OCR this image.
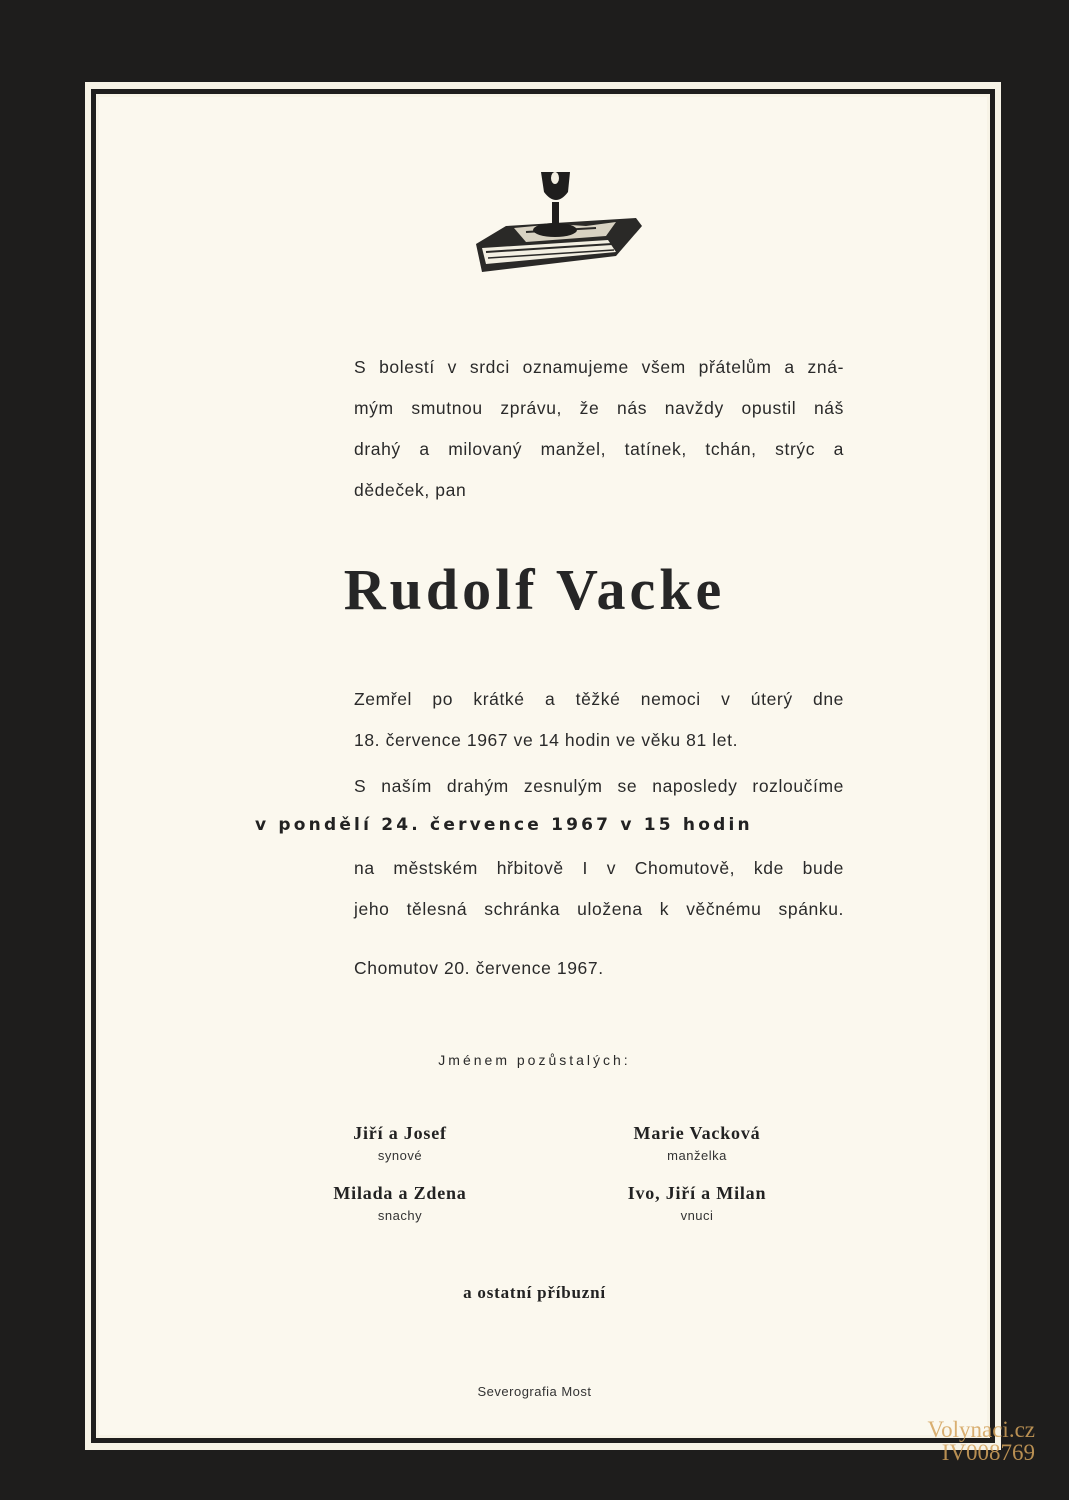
S bolestí v srdci oznamujeme všem přátelům a zná-
mým smutnou zprávu, že nás navždy opustil náš
drahý a milovaný manžel, tatínek, tchán, strýc a
dědeček, pan
Rudolf Vacke
Zemřel po krátké a těžké nemoci v úterý dne
18. července 1967 ve 14 hodin ve věku 81 let.
S naším drahým zesnulým se naposledy rozloučíme

v pondělí 24. července 1967 v 15 hodin

na městském hřbitově I v Chomutově, kde bude
jeho tělesná schránka uložena k věčnému spánku.
Chomutov 20. července 1967.
Jménem pozůstalých:
Jiří a Josef
synové
Marie Vacková
manželka
Milada a Zdena
snachy
Ivo, Jiří a Milan
vnuci
a ostatní příbuzní
Severografia Most
Volynaci.cz
IV008769
